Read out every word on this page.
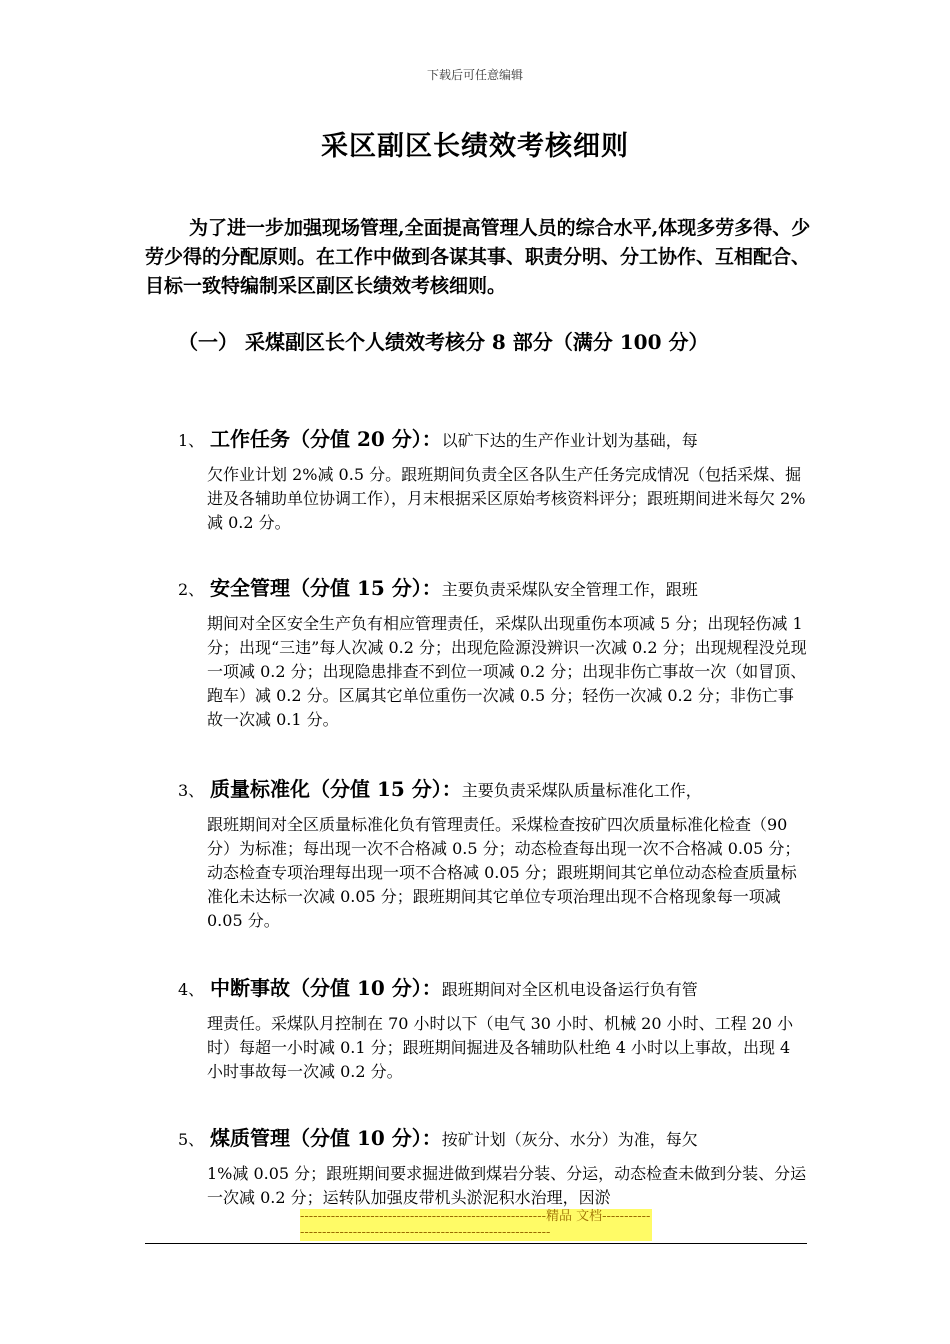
下载后可任意编辑
采区副区长绩效考核细则

为了进一步加强现场管理,全面提高管理人员的综合水平,体现多劳多得、少劳少得的分配原则。在工作中做到各谋其事、职责分明、分工协作、互相配合、目标一致特编制采区副区长绩效考核细则。

（一） 采煤副区长个人绩效考核分 8 部分（满分 100 分）
1、 工作任务（分值 20 分）：以矿下达的生产作业计划为基础，每
欠作业计划 2%减 0.5 分。跟班期间负责全区各队生产任务完成情况（包括采煤、掘进及各辅助单位协调工作），月末根据采区原始考核资料评分；跟班期间进米每欠 2%减 0.2 分。
2、 安全管理（分值 15 分）：主要负责采煤队安全管理工作，跟班
期间对全区安全生产负有相应管理责任，采煤队出现重伤本项减 5 分；出现轻伤减 1 分；出现“三违”每人次减 0.2 分；出现危险源没辨识一次减 0.2 分；出现规程没兑现一项减 0.2 分；出现隐患排查不到位一项减 0.2 分；出现非伤亡事故一次（如冒顶、跑车）减 0.2 分。区属其它单位重伤一次减 0.5 分；轻伤一次减 0.2 分；非伤亡事故一次减 0.1 分。
3、 质量标准化（分值 15 分）：主要负责采煤队质量标准化工作，
跟班期间对全区质量标准化负有管理责任。采煤检查按矿四次质量标准化检查（90 分）为标准；每出现一次不合格减 0.5 分；动态检查每出现一次不合格减 0.05 分；动态检查专项治理每出现一项不合格减 0.05 分；跟班期间其它单位动态检查质量标准化未达标一次减 0.05 分；跟班期间其它单位专项治理出现不合格现象每一项减 0.05 分。
4、 中断事故（分值 10 分）：跟班期间对全区机电设备运行负有管
理责任。采煤队月控制在 70 小时以下（电气 30 小时、机械 20 小时、工程 20 小时）每超一小时减 0.1 分；跟班期间掘进及各辅助队杜绝 4 小时以上事故，出现 4 小时事故每一次减 0.2 分。
5、 煤质管理（分值 10 分）：按矿计划（灰分、水分）为准，每欠
1%减 0.05 分；跟班期间要求掘进做到煤岩分装、分运，动态检查未做到分装、分运一次减 0.2 分；运转队加强皮带机头淤泥积水治理，因淤
--------------------------------------------------------精品 文档--------------------------------------------------------------------
